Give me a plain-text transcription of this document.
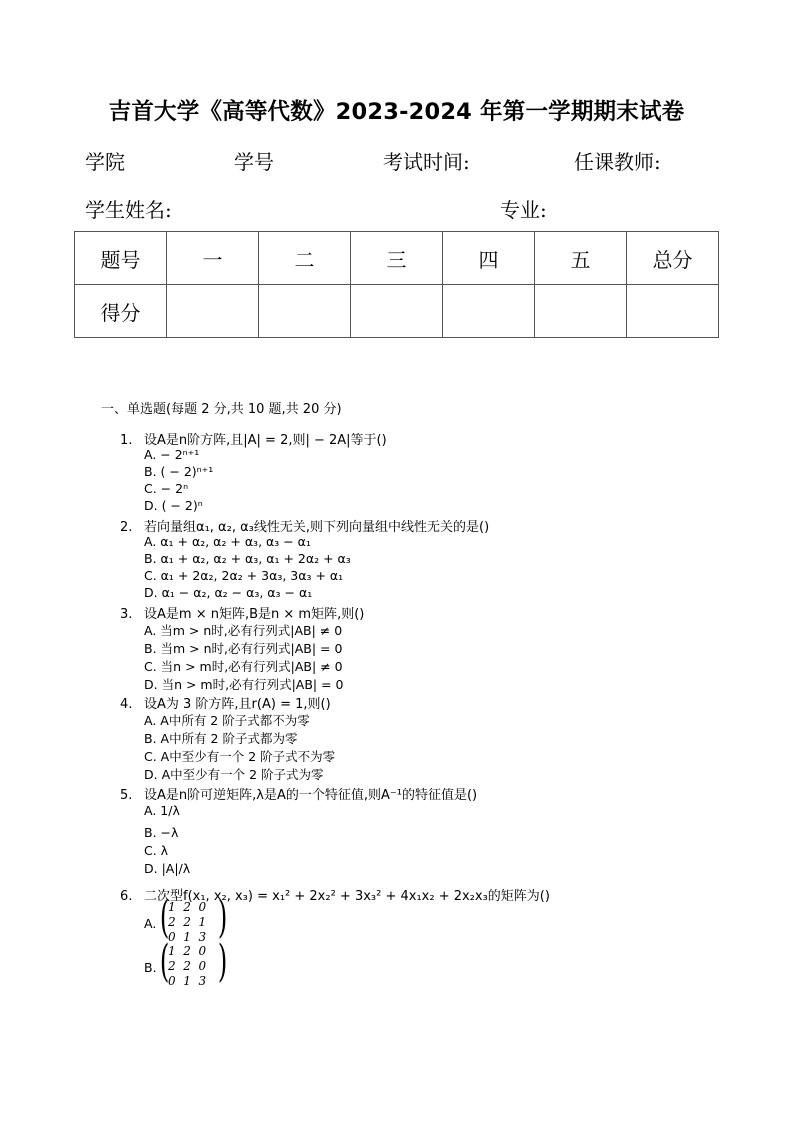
吉首大学《高等代数》2023-2024 年第一学期期末试卷
学院	学号	考试时间:	任课教师:
学生姓名:	专业:
题号	一	二	三	四	五	总分
得分						
一、单选题(每题 2 分,共 10 题,共 20 分)
1. 设A是n阶方阵,且|A| = 2,则| − 2A|等于()
A. − 2ⁿ⁺¹
B. ( − 2)ⁿ⁺¹
C. − 2ⁿ
D. ( − 2)ⁿ
2. 若向量组α₁, α₂, α₃线性无关,则下列向量组中线性无关的是()
A. α₁ + α₂, α₂ + α₃, α₃ − α₁
B. α₁ + α₂, α₂ + α₃, α₁ + 2α₂ + α₃
C. α₁ + 2α₂, 2α₂ + 3α₃, 3α₃ + α₁
D. α₁ − α₂, α₂ − α₃, α₃ − α₁
3. 设A是m × n矩阵,B是n × m矩阵,则()
A. 当m > n时,必有行列式|AB| ≠ 0
B. 当m > n时,必有行列式|AB| = 0
C. 当n > m时,必有行列式|AB| ≠ 0
D. 当n > m时,必有行列式|AB| = 0
4. 设A为 3 阶方阵,且r(A) = 1,则()
A. A中所有 2 阶子式都不为零
B. A中所有 2 阶子式都为零
C. A中至少有一个 2 阶子式不为零
D. A中至少有一个 2 阶子式为零
5. 设A是n阶可逆矩阵,λ是A的一个特征值,则A⁻¹的特征值是()
A. 1/λ
B. −λ
C. λ
D. |A|/λ
6. 二次型f(x₁, x₂, x₃) = x₁² + 2x₂² + 3x₃² + 4x₁x₂ + 2x₂x₃的矩阵为()
A. (
1  2  0
2  2  1
0  1  3 )
B. (
1  2  0
2  2  0
0  1  3 )
